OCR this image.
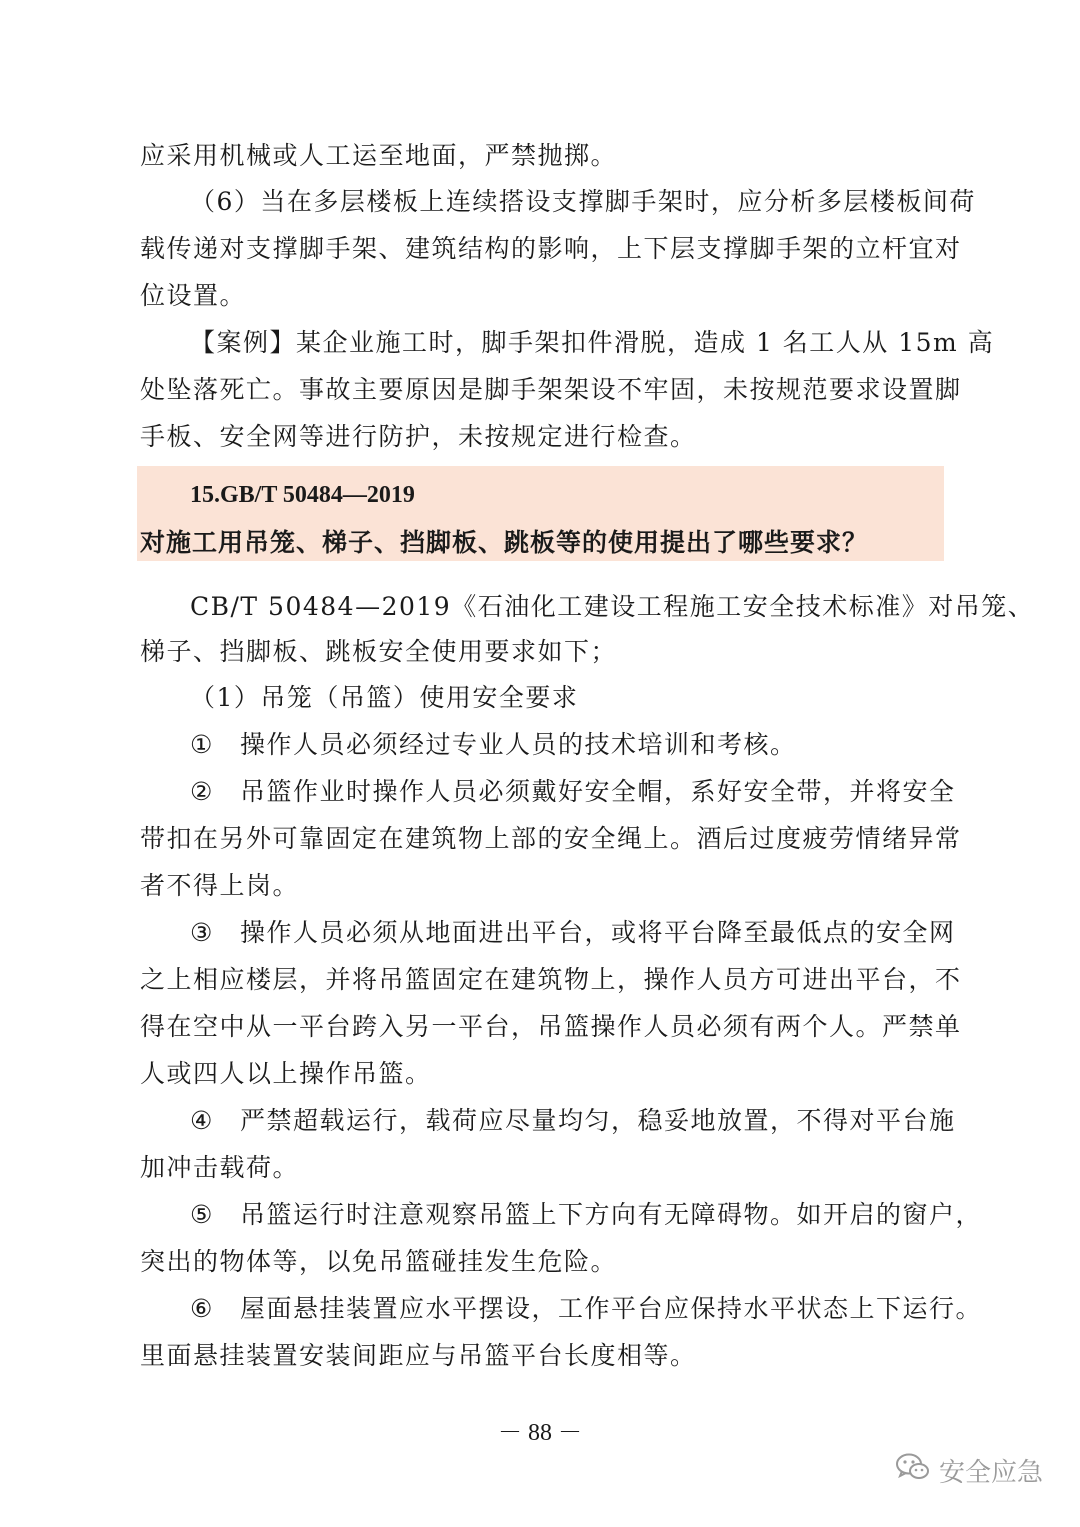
应采用机械或人工运至地面，严禁抛掷。
（6）当在多层楼板上连续搭设支撑脚手架时，应分析多层楼板间荷
载传递对支撑脚手架、建筑结构的影响，上下层支撑脚手架的立杆宜对
位设置。
【案例】某企业施工时，脚手架扣件滑脱，造成 1 名工人从 15m 高
处坠落死亡。事故主要原因是脚手架架设不牢固，未按规范要求设置脚
手板、安全网等进行防护，未按规定进行检查。
15.GB/T 50484—2019
对施工用吊笼、梯子、挡脚板、跳板等的使用提出了哪些要求？
CB/T 50484—2019《石油化工建设工程施工安全技术标准》对吊笼、
梯子、挡脚板、跳板安全使用要求如下；
（1）吊笼（吊篮）使用安全要求
① 操作人员必须经过专业人员的技术培训和考核。
② 吊篮作业时操作人员必须戴好安全帽，系好安全带，并将安全
带扣在另外可靠固定在建筑物上部的安全绳上。酒后过度疲劳情绪异常
者不得上岗。
③ 操作人员必须从地面进出平台，或将平台降至最低点的安全网
之上相应楼层，并将吊篮固定在建筑物上，操作人员方可进出平台，不
得在空中从一平台跨入另一平台，吊篮操作人员必须有两个人。严禁单
人或四人以上操作吊篮。
④ 严禁超载运行，载荷应尽量均匀，稳妥地放置，不得对平台施
加冲击载荷。
⑤ 吊篮运行时注意观察吊篮上下方向有无障碍物。如开启的窗户，
突出的物体等，以免吊篮碰挂发生危险。
⑥ 屋面悬挂装置应水平摆设，工作平台应保持水平状态上下运行。
里面悬挂装置安装间距应与吊篮平台长度相等。
－ 88 －
安全应急
